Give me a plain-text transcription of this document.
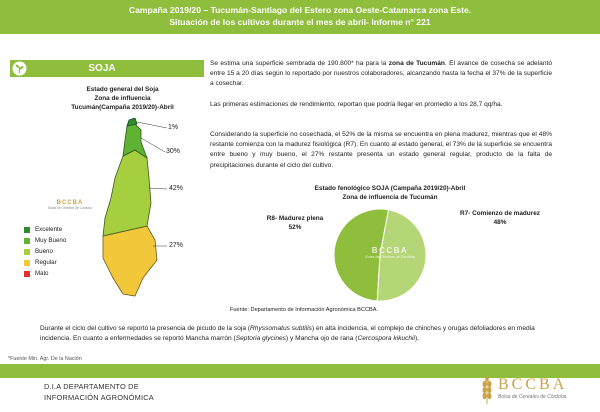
Campaña 2019/20 – Tucumán-Santiago del Estero zona Oeste-Catamarca zona Este.
Situación de los cultivos durante el mes de abril- Informe n° 221
SOJA
Estado general del Soja
Zona de influencia
Tucumán(Campaña 2019/20)-Abril
1%
30%
42%
27%
BCCBA
Bolsa de Cereales de Córdoba
Excelente
Muy Bueno
Bueno
Regular
Malo
Se estima una superficie sembrada de 190.800* ha para la zona de Tucumán. El avance de cosecha se adelantó entre 15 a 20 días según lo reportado por nuestros colaboradores, alcanzando hasta la fecha el 37% de la superficie a cosechar.
Las primeras estimaciones de rendimiento, reportan que podría llegar en promedio a los 28,7 qq/ha.
Considerando la superficie no cosechada, el 52% de la misma se encuentra en plena madurez, mientras que el 48% restante comienza con la madurez fisiológica (R7). En cuanto al estado general, el 73% de la superficie se encuentra entre bueno y muy bueno, el 27% restante presenta un estado general regular, producto de la falta de precipitaciones durante el ciclo del cultivo.
Estado fenológico SOJA (Campaña 2019/20)-Abril
Zona de influencia de Tucumán
BCCBA
Bolsa de Cereales de Córdoba
R8- Madurez plena
52%
R7- Comienzo de madurez
48%
Fuente: Departamento de Información Agronómica BCCBA.
Durante el ciclo del cultivo se reportó la presencia de picudo de la soja (Rhyssomatus subtilis) en alta incidencia, el complejo de chinches y orugas defoliadores en media incidencia. En cuanto a enfermedades se reportó Mancha marrón (Septoria glycines) y Mancha ojo de rana (Cercospora kikuchii).
*Fuente Min. Agr. De la Nación
D.I.A DEPARTAMENTO DE
INFORMACIÓN AGRONÓMICA
BCCBA
Bolsa de Cereales de Córdoba
